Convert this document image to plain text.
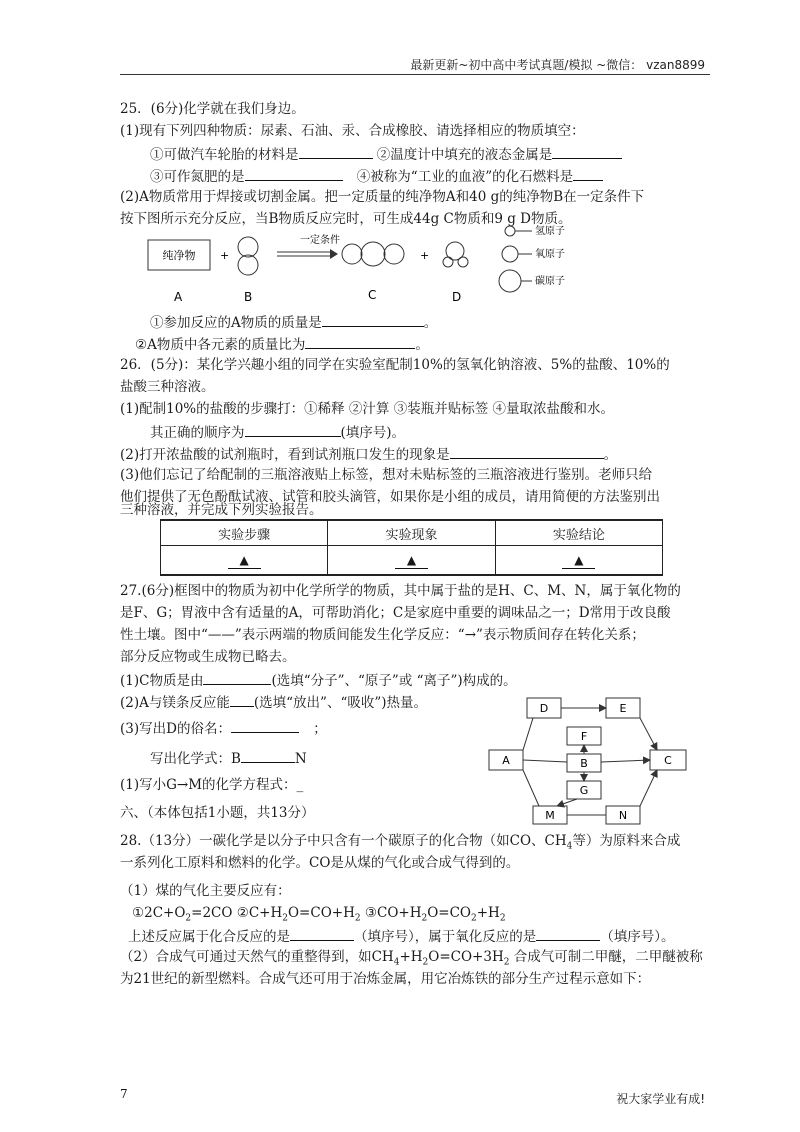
最新更新~初中高中考试真题/模拟 ~微信： vzan8899
25．(6分)化学就在我们身边。
(1)现有下列四种物质：尿素、石油、汞、合成橡胶、请选择相应的物质填空：
①可做汽车轮胎的材料是	②温度计中填充的液态金属是
③可作氮肥的是	④被称为“工业的血液”的化石燃料是
(2)A物质常用于焊接或切割金属。把一定质量的纯净物A和40 g的纯净物B在一定条件下
按下图所示充分反应，当B物质反应完时，可生成44g C物质和9 g D物质。
纯净物 +
一定条件
+
氢原子
氧原子
碳原子
A	B	C	D
①参加反应的A物质的质量是	。
②A物质中各元素的质量比为	。
26．(5分)：某化学兴趣小组的同学在实验室配制10%的氢氧化钠溶液、5%的盐酸、10%的
盐酸三种溶液。
(1)配制10%的盐酸的步骤打：①稀释 ②汁算 ③装瓶并贴标签 ④量取浓盐酸和水。
其正确的顺序为	(填序号)。
(2)打开浓盐酸的试剂瓶时，看到试剂瓶口发生的现象是	。
(3)他们忘记了给配制的三瓶溶液贴上标签，想对未贴标签的三瓶溶液进行鉴别。老师只给
他们提供了无色酚酞试液、试管和胶头滴管，如果你是小组的成员，请用简便的方法鉴别出
三种溶液，并完成下列实验报告。
实验步骤	实验现象	实验结论
▲	▲	▲
27.(6分)框图中的物质为初中化学所学的物质，其中属于盐的是H、C、M、N，属于氧化物的
是F、G；胃液中含有适量的A，可帮助消化；C是家庭中重要的调味品之一；D常用于改良酸
性土壤。图中“——”表示两端的物质间能发生化学反应：“→”表示物质间存在转化关系；
部分反应物或生成物已略去。
(1)C物质是由	(选填“分子”、“原子”或 “离子”)构成的。
(2)A与镁条反应能 (选填“放出”、“吸收”)热量。
(3)写出D的俗名：	；
写出化学式：B	N
(1)写小G→M的化学方程式：_
D	E
F
A	B	C
G
M	N
六、（本体包括1小题，共13分）
28.（13分）一碳化学是以分子中只含有一个碳原子的化合物（如CO、$CH_4$等）为原料来合成
一系列化工原料和燃料的化学。CO是从煤的气化或合成气得到的。
（1）煤的气化主要反应有：
$①2C+O_2=2CO$ $②C+H_2O=CO+H_2$ $③CO+H_2O=CO_2+H_2$
上述反应属于化合反应的是	（填序号），属于氧化反应的是	（填序号）。
（2）合成气可通过天然气的重整得到，如$CH_4+H_2O=CO+3H_2$ 合成气可制二甲醚，二甲醚被称
为21世纪的新型燃料。合成气还可用于冶炼金属，用它冶炼铁的部分生产过程示意如下：
7	祝大家学业有成!
